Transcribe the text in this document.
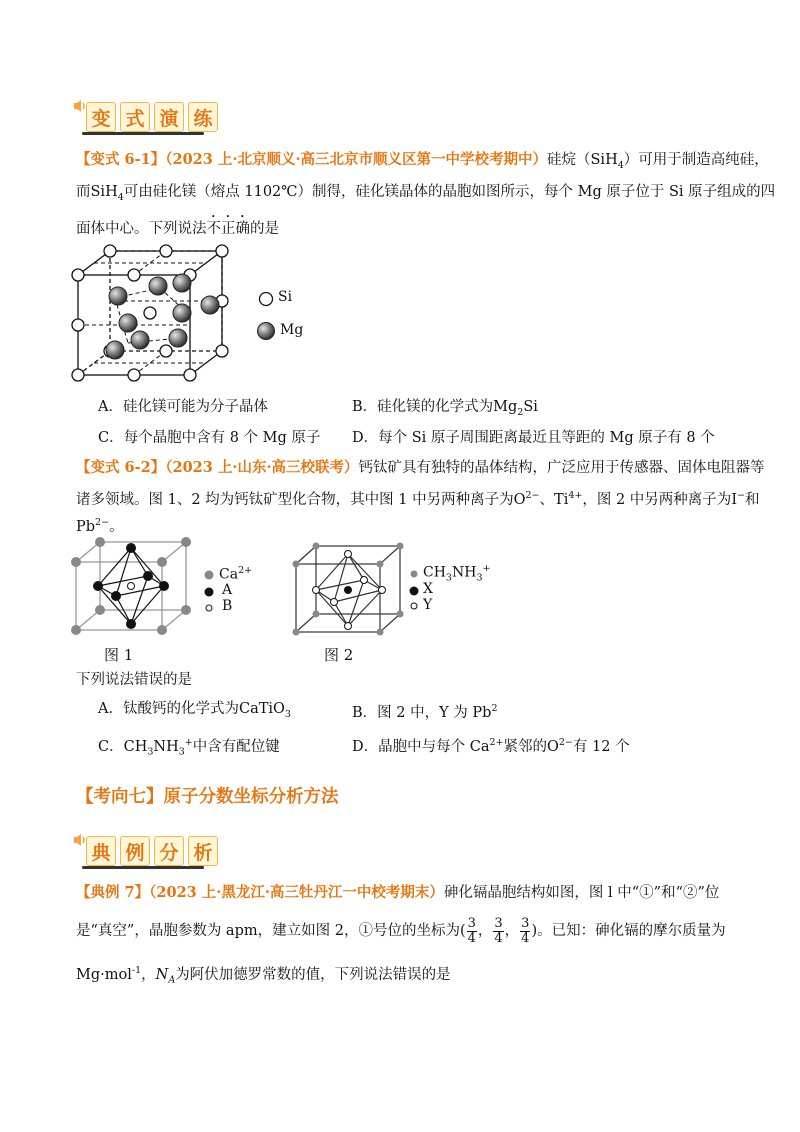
变 式 演 练
【变式 6-1】（2023 上·北京顺义·高三北京市顺义区第一中学校考期中）硅烷（SiH$_4$）可用于制造高纯硅，
而SiH$_4$可由硅化镁（熔点 1102℃）制得，硅化镁晶体的晶胞如图所示，每个 Mg 原子位于 Si 原子组成的四
面体中心。下列说法不正确的是
Si
Mg
A．硅化镁可能为分子晶体	B．硅化镁的化学式为$Mg_2Si$
C．每个晶胞中含有 8 个 Mg 原子 D．每个 Si 原子周围距离最近且等距的 Mg 原子有 8 个
【变式 6-2】（2023 上·山东·高三校联考）钙钛矿具有独特的晶体结构，广泛应用于传感器、固体电阻器等
诸多领域。图 1、2 均为钙钛矿型化合物，其中图 1 中另两种离子为$O^{2-}$、$Ti^{4+}$，图 2 中另两种离子为I−和
$Pb^{2-}$。
$Ca^{2+}$
A
B
$CH_3NH_3^+$
X
Y
图 1	图 2
下列说法错误的是
A．钛酸钙的化学式为CaTiO$_3$	B．图 2 中，Y 为 Pb$^2$
C．$CH_3NH_3^+$中含有配位键	D．晶胞中与每个 $Ca^{2+}$紧邻的$O^{2-}$有 12 个
【考向七】原子分数坐标分析方法
典 例 分 析
【典例 7】（2023 上·黑龙江·高三牡丹江一中校考期末）砷化镉晶胞结构如图，图 l 中“①”和“②”位
是“真空”，晶胞参数为 apm，建立如图 2，①号位的坐标为( $\frac{3}{4}$ ， $\frac{3}{4}$ ， $\frac{3}{4}$ )。已知：砷化镉的摩尔质量为
Mg·mol$^{-1}$，$N_A$为阿伏加德罗常数的值，下列说法错误的是
